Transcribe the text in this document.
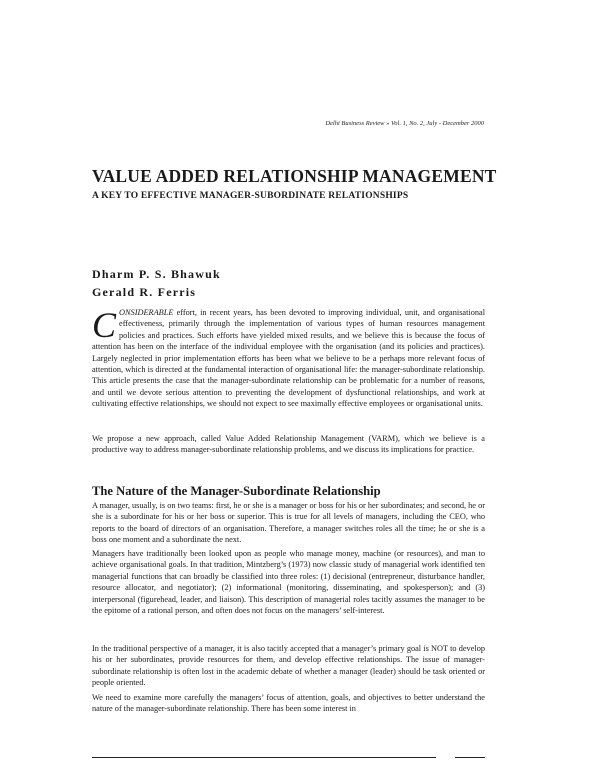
Delhi Business Review » Vol. 1, No. 2, July - December 2000
VALUE ADDED RELATIONSHIP MANAGEMENT
A KEY TO EFFECTIVE MANAGER-SUBORDINATE RELATIONSHIPS

Dharm P. S. Bhawuk

Gerald R. Ferris

CONSIDERABLE effort, in recent years, has been devoted to improving individual, unit, and organisational effectiveness, primarily through the implementation of various types of human resources management policies and practices. Such efforts have yielded mixed results, and we believe this is because the focus of attention has been on the interface of the individual employee with the organisation (and its policies and practices). Largely neglected in prior implementation efforts has been what we believe to be a perhaps more relevant focus of attention, which is directed at the fundamental interaction of organisational life: the manager-subordinate relationship. This article presents the case that the manager-subordinate relationship can be problematic for a number of reasons, and until we devote serious attention to preventing the development of dysfunctional relationships, and work at cultivating effective relationships, we should not expect to see maximally effective employees or organisational units.

We propose a new approach, called Value Added Relationship Management (VARM), which we believe is a productive way to address manager-subordinate relationship problems, and we discuss its implications for practice.

The Nature of the Manager-Subordinate Relationship

A manager, usually, is on two teams: first, he or she is a manager or boss for his or her subordinates; and second, he or she is a subordinate for his or her boss or superior. This is true for all levels of managers, including the CEO, who reports to the board of directors of an organisation. Therefore, a manager switches roles all the time; he or she is a boss one moment and a subordinate the next.

Managers have traditionally been looked upon as people who manage money, machine (or resources), and man to achieve organisational goals. In that tradition, Mintzberg’s (1973) now classic study of managerial work identified ten managerial functions that can broadly be classified into three roles: (1) decisional (entrepreneur, disturbance handler, resource allocator, and negotiator); (2) informational (monitoring, disseminating, and spokesperson); and (3) interpersonal (figurehead, leader, and liaison). This description of managerial roles tacitly assumes the manager to be the epitome of a rational person, and often does not focus on the managers’ self-interest.

In the traditional perspective of a manager, it is also tacitly accepted that a manager’s primary goal is NOT to develop his or her subordinates, provide resources for them, and develop effective relationships. The issue of manager-subordinate relationship is often lost in the academic debate of whether a manager (leader) should be task oriented or people oriented.

We need to examine more carefully the managers’ focus of attention, goals, and objectives to better understand the nature of the manager-subordinate relationship. There has been some interest in
